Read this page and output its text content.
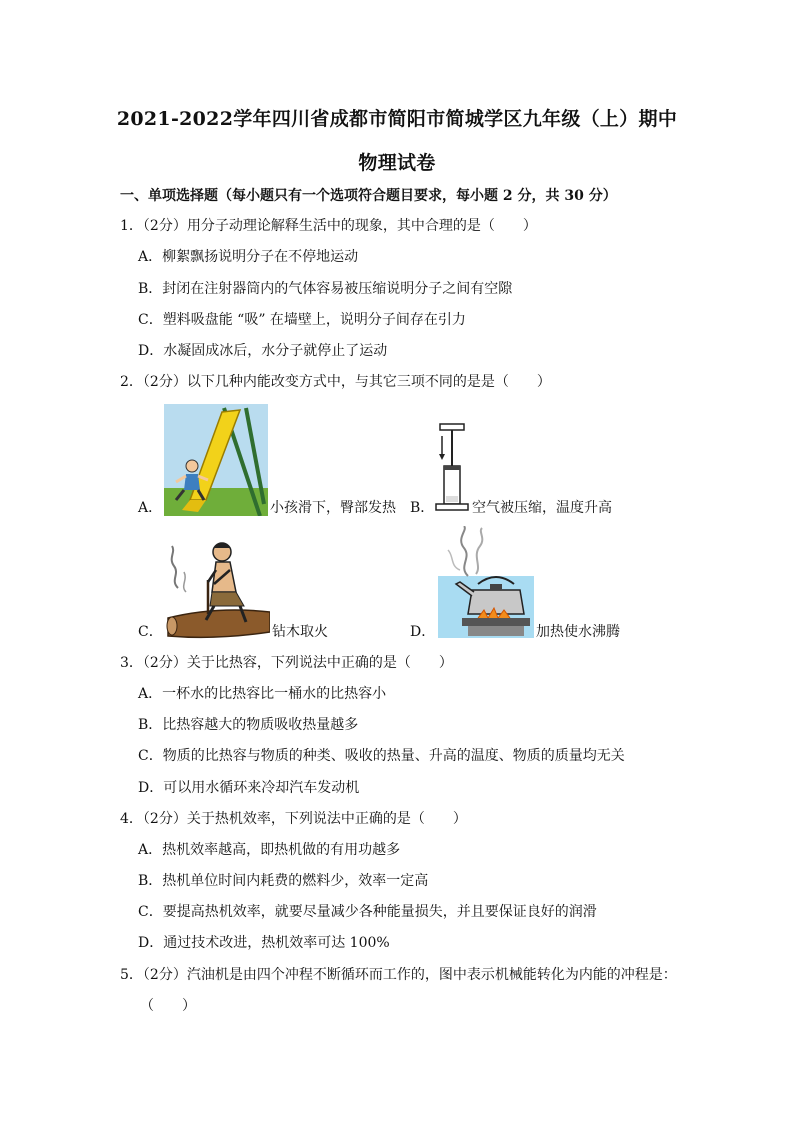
2021-2022学年四川省成都市简阳市简城学区九年级（上）期中
物理试卷
一、单项选择题（每小题只有一个选项符合题目要求，每小题 2 分，共 30 分）
1．（2分）用分子动理论解释生活中的现象，其中合理的是（　　）
A．柳絮飘扬说明分子在不停地运动
B．封闭在注射器筒内的气体容易被压缩说明分子之间有空隙
C．塑料吸盘能 “吸” 在墙壁上，说明分子间存在引力
D．水凝固成冰后，水分子就停止了运动
2．（2分）以下几种内能改变方式中，与其它三项不同的是是（　　）
A．	小孩滑下，臀部发热 B．	空气被压缩，温度升高
C．	钻木取火	D．	加热使水沸腾
3．（2分）关于比热容，下列说法中正确的是（　　）
A．一杯水的比热容比一桶水的比热容小
B．比热容越大的物质吸收热量越多
C．物质的比热容与物质的种类、吸收的热量、升高的温度、物质的质量均无关
D．可以用水循环来冷却汽车发动机
4．（2分）关于热机效率，下列说法中正确的是（　　）
A．热机效率越高，即热机做的有用功越多
B．热机单位时间内耗费的燃料少，效率一定高
C．要提高热机效率，就要尽量减少各种能量损失，并且要保证良好的润滑
D．通过技术改进，热机效率可达 100%
5．（2分）汽油机是由四个冲程不断循环而工作的，图中表示机械能转化为内能的冲程是：
（　　）
